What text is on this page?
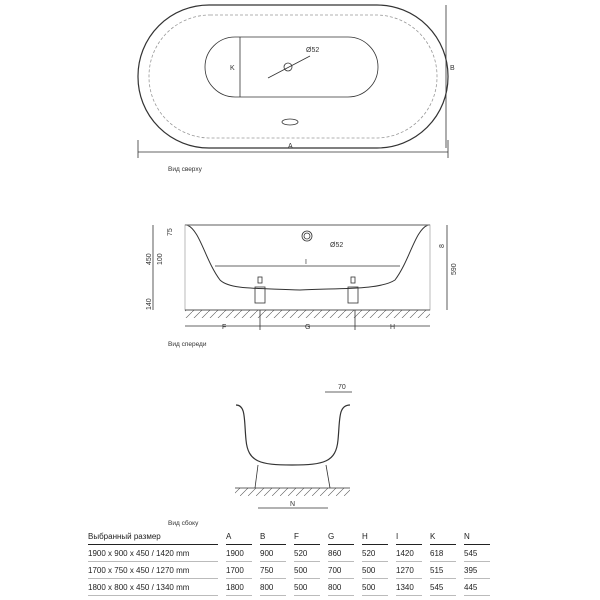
A
B
K
Ø52
F	G	H
I
Ø52
450
75
100
140
590
8
70
N
Вид сверху
Вид спереди
Вид сбоку
Выбранный размер	A	B	F	G	H	I	K	N
1900 x 900 x 450 / 1420 mm	1900	900	520	860	520	1420	618	545
1700 x 750 x 450 / 1270 mm	1700	750	500	700	500	1270	515	395
1800 x 800 x 450 / 1340 mm	1800	800	500	800	500	1340	545	445
